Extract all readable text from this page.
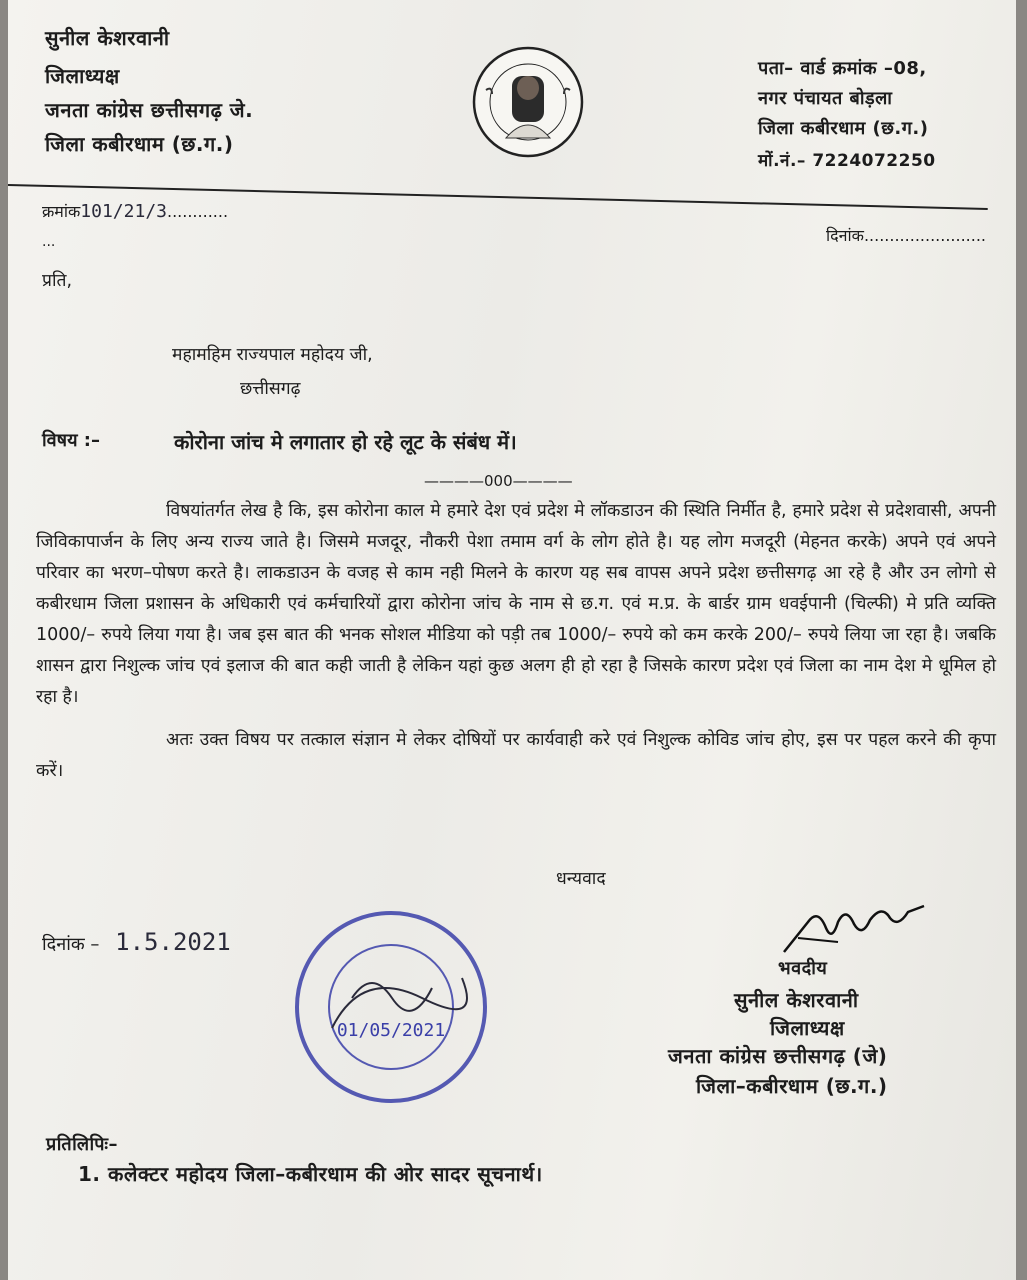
सुनील केशरवानी
जिलाध्यक्ष
जनता कांग्रेस छत्तीसगढ़ जे.
जिला कबीरधाम (छ.ग.)
पता– वार्ड क्रमांक –08,
नगर पंचायत बोड़ला
जिला कबीरधाम (छ.ग.)
मों.नं.– 7224072250
क्रमांक101/21/3............
...	दिनांक........................
प्रति,
महामहिम राज्यपाल महोदय जी,
छत्तीसगढ़
विषय :–	कोरोना जांच मे लगातार हो रहे लूट के संबंध में।
————000————

विषयांतर्गत लेख है कि, इस कोरोना काल मे हमारे देश एवं प्रदेश मे लॉकडाउन की स्थिति निर्मीत है, हमारे प्रदेश से प्रदेशवासी, अपनी जिविकापार्जन के लिए अन्य राज्य जाते है। जिसमे मजदूर, नौकरी पेशा तमाम वर्ग के लोग होते है। यह लोग मजदूरी (मेहनत करके) अपने एवं अपने परिवार का भरण–पोषण करते है। लाकडाउन के वजह से काम नही मिलने के कारण यह सब वापस अपने प्रदेश छत्तीसगढ़ आ रहे है और उन लोगो से कबीरधाम जिला प्रशासन के अधिकारी एवं कर्मचारियों द्वारा कोरोना जांच के नाम से छ.ग. एवं म.प्र. के बार्डर ग्राम धवईपानी (चिल्फी) मे प्रति व्यक्ति 1000/– रुपये लिया गया है। जब इस बात की भनक सोशल मीडिया को पड़ी तब 1000/– रुपये को कम करके 200/– रुपये लिया जा रहा है। जबकि शासन द्वारा निशुल्क जांच एवं इलाज की बात कही जाती है लेकिन यहां कुछ अलग ही हो रहा है जिसके कारण प्रदेश एवं जिला का नाम देश मे धूमिल हो रहा है।

अतः उक्त विषय पर तत्काल संज्ञान मे लेकर दोषियों पर कार्यवाही करे एवं निशुल्क कोविड जांच होए, इस पर पहल करने की कृपा करें।

धन्यवाद
दिनांक – 1.5.2021
01/05/2021
भवदीय
सुनील केशरवानी
जिलाध्यक्ष
जनता कांग्रेस छत्तीसगढ़ (जे)
जिला–कबीरधाम (छ.ग.)
प्रतिलिपिः–
1. कलेक्टर महोदय जिला–कबीरधाम की ओर सादर सूचनार्थ।
